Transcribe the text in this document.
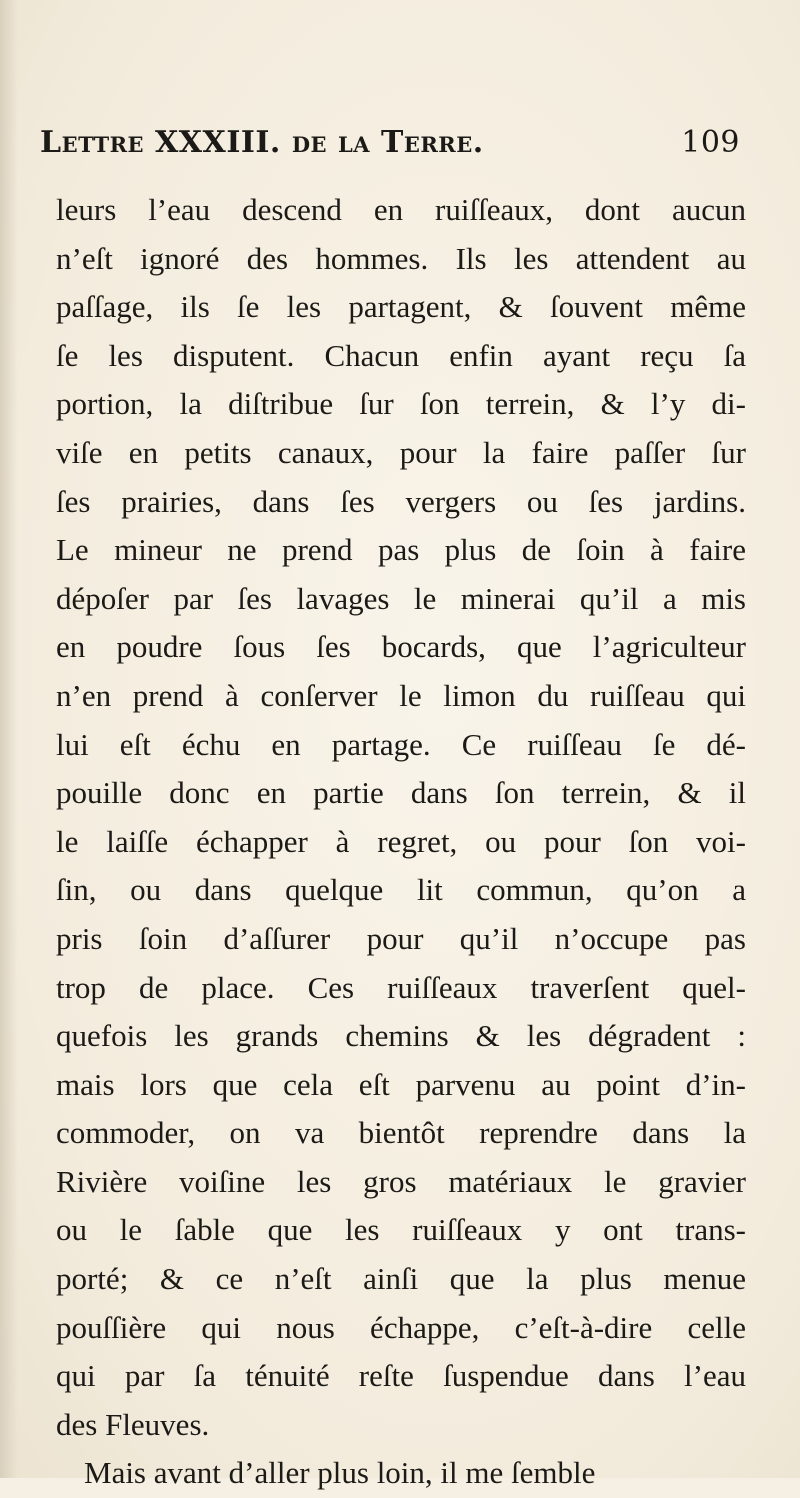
Lettre XXXIII. de la Terre.	109
leurs l’eau descend en ruiſſeaux, dont aucun
n’eſt ignoré des hommes. Ils les attendent au
paſſage, ils ſe les partagent, & ſouvent même
ſe les disputent. Chacun enfin ayant reçu ſa
portion, la diſtribue ſur ſon terrein, & l’y di-
viſe en petits canaux, pour la faire paſſer ſur
ſes prairies, dans ſes vergers ou ſes jardins.
Le mineur ne prend pas plus de ſoin à faire
dépoſer par ſes lavages le minerai qu’il a mis
en poudre ſous ſes bocards, que l’agriculteur
n’en prend à conſerver le limon du ruiſſeau qui
lui eſt échu en partage. Ce ruiſſeau ſe dé-
pouille donc en partie dans ſon terrein, & il
le laiſſe échapper à regret, ou pour ſon voi-
ſin, ou dans quelque lit commun, qu’on a
pris ſoin d’aſſurer pour qu’il n’occupe pas
trop de place. Ces ruiſſeaux traverſent quel-
quefois les grands chemins & les dégradent :
mais lors que cela eſt parvenu au point d’in-
commoder, on va bientôt reprendre dans la
Rivière voiſine les gros matériaux le gravier
ou le ſable que les ruiſſeaux y ont trans-
porté; & ce n’eſt ainſi que la plus menue
pouſſière qui nous échappe, c’eſt-à-dire celle
qui par ſa ténuité reſte ſuspendue dans l’eau
des Fleuves.
Mais avant d’aller plus loin, il me ſemble
